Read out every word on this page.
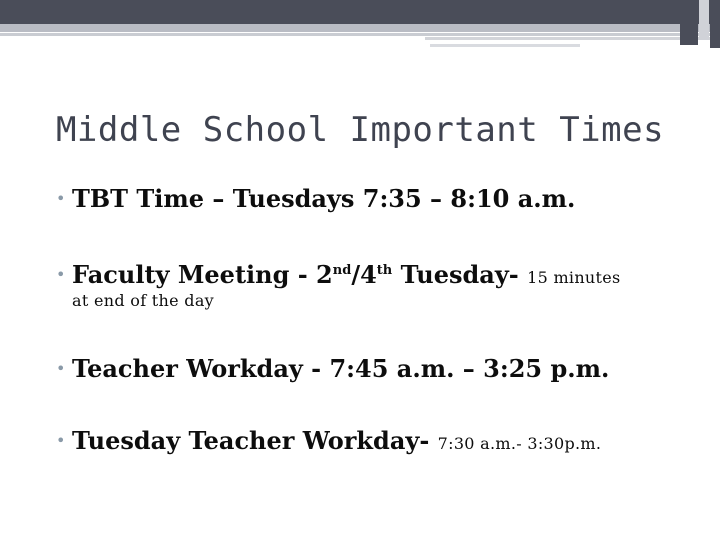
Middle School Important Times
• TBT Time – Tuesdays 7:35 – 8:10 a.m.
• Faculty Meeting - 2nd/4th Tuesday- 15 minutes
at end of the day
• Teacher Workday - 7:45 a.m. – 3:25 p.m.
• Tuesday Teacher Workday- 7:30 a.m.- 3:30p.m.
